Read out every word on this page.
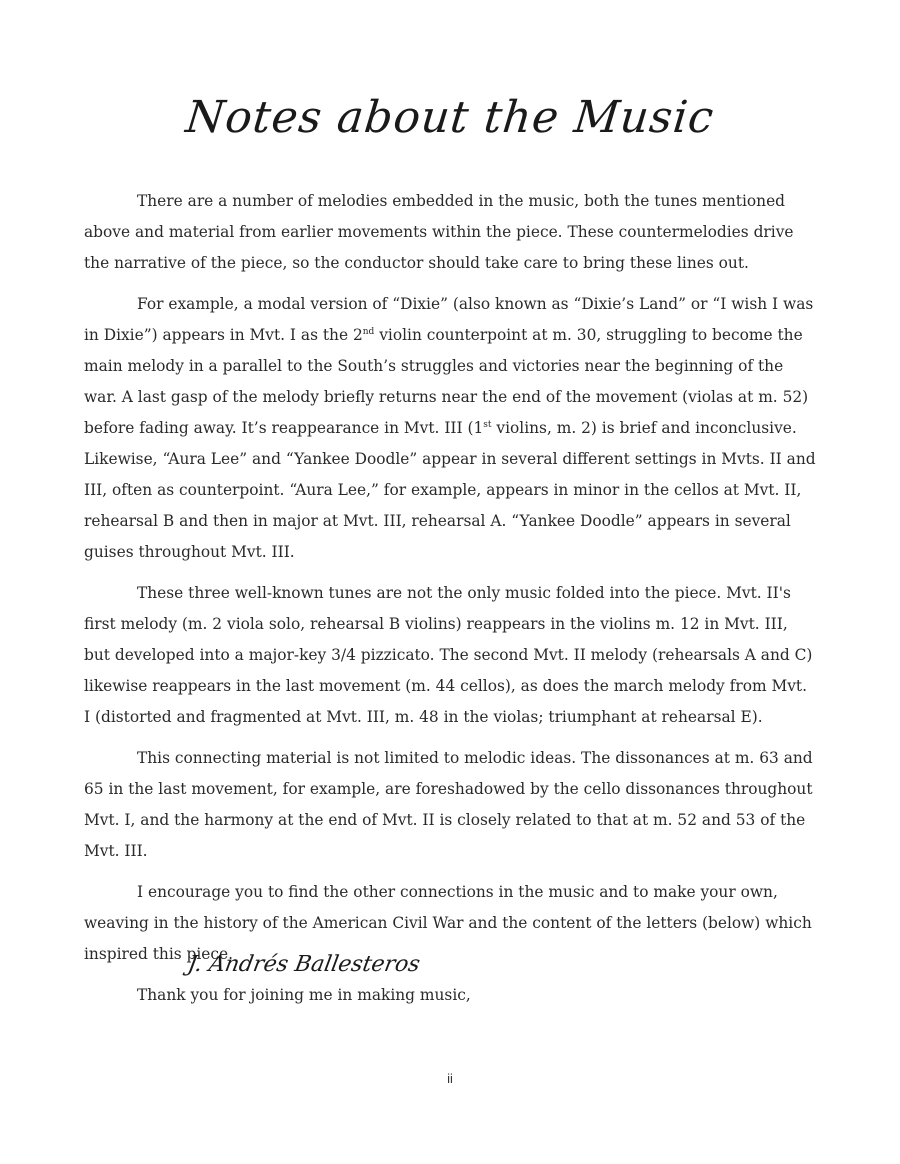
Notes about the Music

There are a number of melodies embedded in the music, both the tunes mentioned above and material from earlier movements within the piece. These countermelodies drive the narrative of the piece, so the conductor should take care to bring these lines out.

For example, a modal version of “Dixie” (also known as “Dixie’s Land” or “I wish I was in Dixie”) appears in Mvt. I as the 2nd violin counterpoint at m. 30, struggling to become the main melody in a parallel to the South’s struggles and victories near the beginning of the war. A last gasp of the melody briefly returns near the end of the movement (violas at m. 52) before fading away. It’s reappearance in Mvt. III (1st violins, m. 2) is brief and inconclusive. Likewise, “Aura Lee” and “Yankee Doodle” appear in several different settings in Mvts. II and III, often as counterpoint. “Aura Lee,” for example, appears in minor in the cellos at Mvt. II, rehearsal B and then in major at Mvt. III, rehearsal A. “Yankee Doodle” appears in several guises throughout Mvt. III.

These three well-known tunes are not the only music folded into the piece. Mvt. II's first melody (m. 2 viola solo, rehearsal B violins) reappears in the violins m. 12 in Mvt. III, but developed into a major-key 3/4 pizzicato. The second Mvt. II melody (rehearsals A and C) likewise reappears in the last movement (m. 44 cellos), as does the march melody from Mvt. I (distorted and fragmented at Mvt. III, m. 48 in the violas; triumphant at rehearsal E).

This connecting material is not limited to melodic ideas. The dissonances at m. 63 and 65 in the last movement, for example, are foreshadowed by the cello dissonances throughout Mvt. I, and the harmony at the end of Mvt. II is closely related to that at m. 52 and 53 of the Mvt. III.

I encourage you to find the other connections in the music and to make your own, weaving in the history of the American Civil War and the content of the letters (below) which inspired this piece.

Thank you for joining me in making music,

J. Andrés Ballesteros
ii
